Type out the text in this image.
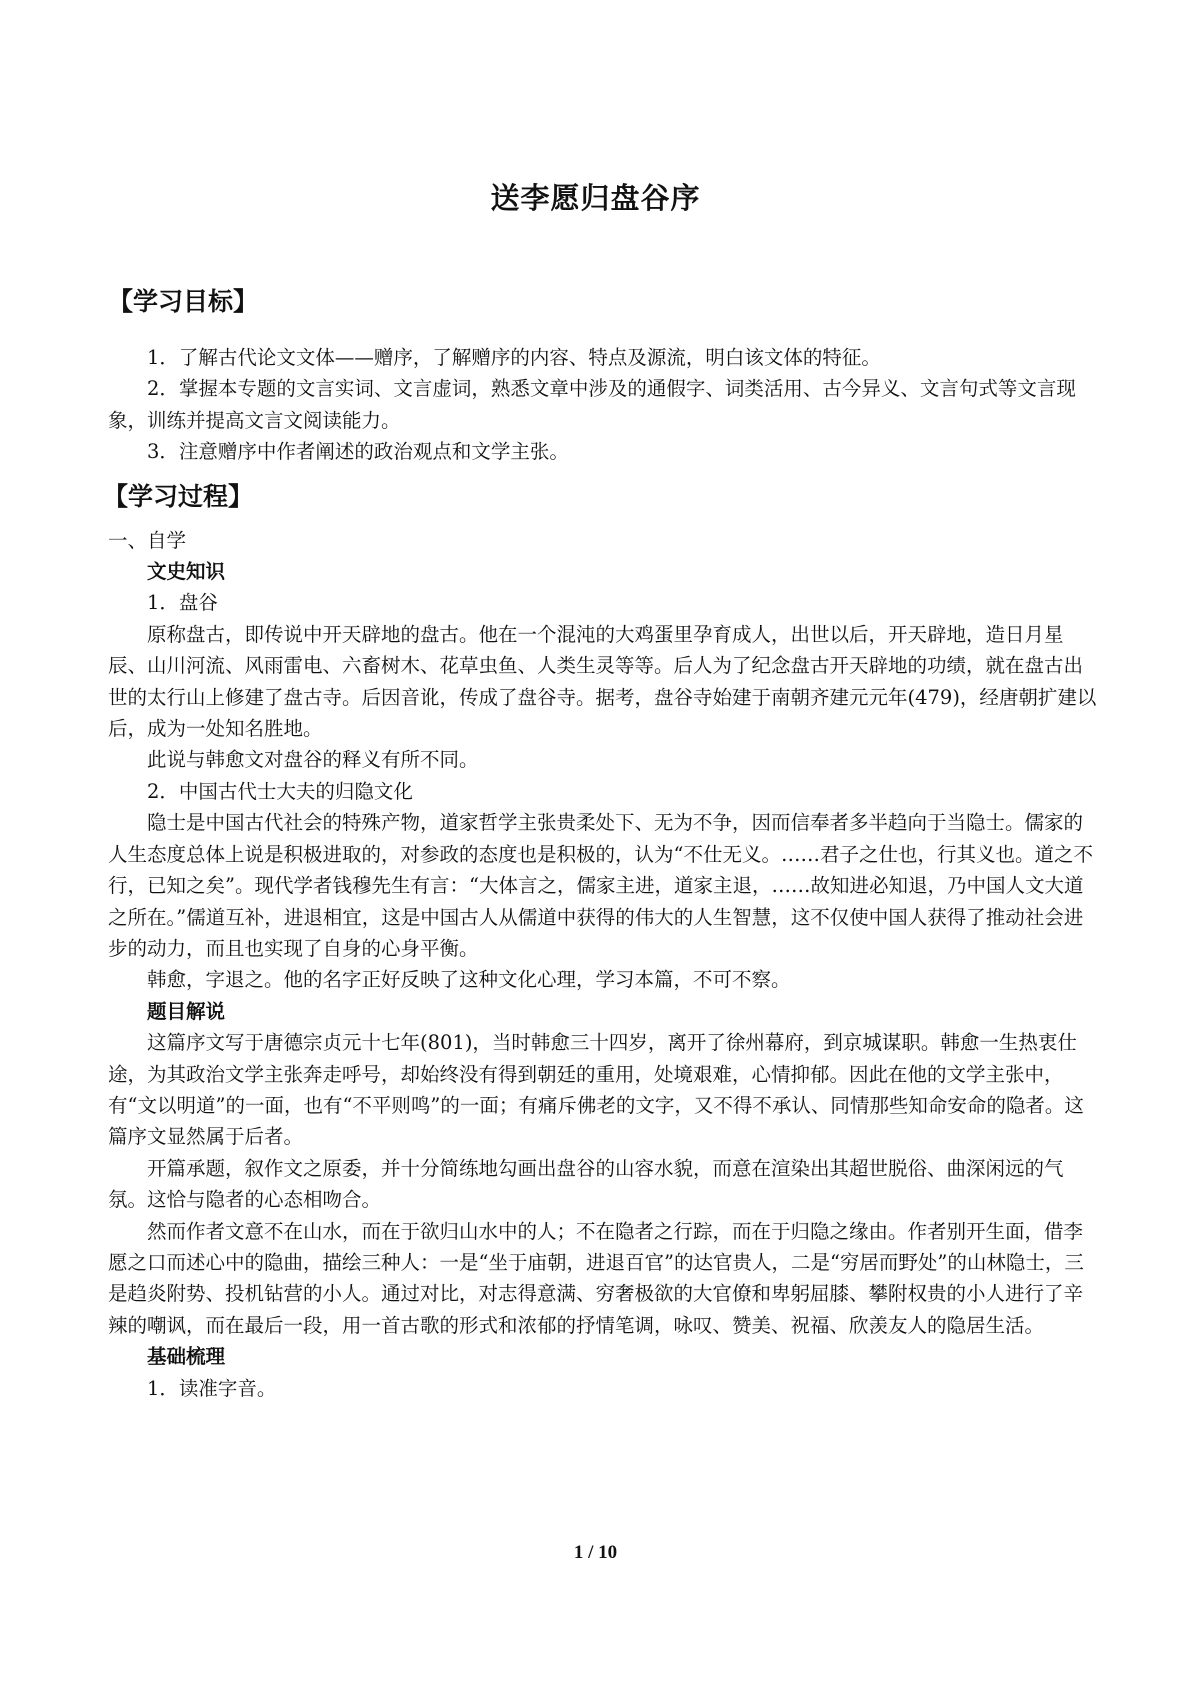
送李愿归盘谷序
【学习目标】

1．了解古代论文文体——赠序，了解赠序的内容、特点及源流，明白该文体的特征。

2．掌握本专题的文言实词、文言虚词，熟悉文章中涉及的通假字、词类活用、古今异义、文言句式等文言现象，训练并提高文言文阅读能力。

3．注意赠序中作者阐述的政治观点和文学主张。

【学习过程】

一、自学

文史知识

1．盘谷

原称盘古，即传说中开天辟地的盘古。他在一个混沌的大鸡蛋里孕育成人，出世以后，开天辟地，造日月星辰、山川河流、风雨雷电、六畜树木、花草虫鱼、人类生灵等等。后人为了纪念盘古开天辟地的功绩，就在盘古出世的太行山上修建了盘古寺。后因音讹，传成了盘谷寺。据考，盘谷寺始建于南朝齐建元元年(479)，经唐朝扩建以后，成为一处知名胜地。

此说与韩愈文对盘谷的释义有所不同。

2．中国古代士大夫的归隐文化

隐士是中国古代社会的特殊产物，道家哲学主张贵柔处下、无为不争，因而信奉者多半趋向于当隐士。儒家的人生态度总体上说是积极进取的，对参政的态度也是积极的，认为“不仕无义。……君子之仕也，行其义也。道之不行，已知之矣”。现代学者钱穆先生有言：“大体言之，儒家主进，道家主退，……故知进必知退，乃中国人文大道之所在。”儒道互补，进退相宜，这是中国古人从儒道中获得的伟大的人生智慧，这不仅使中国人获得了推动社会进步的动力，而且也实现了自身的心身平衡。

韩愈，字退之。他的名字正好反映了这种文化心理，学习本篇，不可不察。

题目解说

这篇序文写于唐德宗贞元十七年(801)，当时韩愈三十四岁，离开了徐州幕府，到京城谋职。韩愈一生热衷仕途，为其政治文学主张奔走呼号，却始终没有得到朝廷的重用，处境艰难，心情抑郁。因此在他的文学主张中，有“文以明道”的一面，也有“不平则鸣”的一面；有痛斥佛老的文字，又不得不承认、同情那些知命安命的隐者。这篇序文显然属于后者。

开篇承题，叙作文之原委，并十分简练地勾画出盘谷的山容水貌，而意在渲染出其超世脱俗、曲深闲远的气氛。这恰与隐者的心态相吻合。

然而作者文意不在山水，而在于欲归山水中的人；不在隐者之行踪，而在于归隐之缘由。作者别开生面，借李愿之口而述心中的隐曲，描绘三种人：一是“坐于庙朝，进退百官”的达官贵人，二是“穷居而野处”的山林隐士，三是趋炎附势、投机钻营的小人。通过对比，对志得意满、穷奢极欲的大官僚和卑躬屈膝、攀附权贵的小人进行了辛辣的嘲讽，而在最后一段，用一首古歌的形式和浓郁的抒情笔调，咏叹、赞美、祝福、欣羡友人的隐居生活。

基础梳理

1．读准字音。

1 / 10
